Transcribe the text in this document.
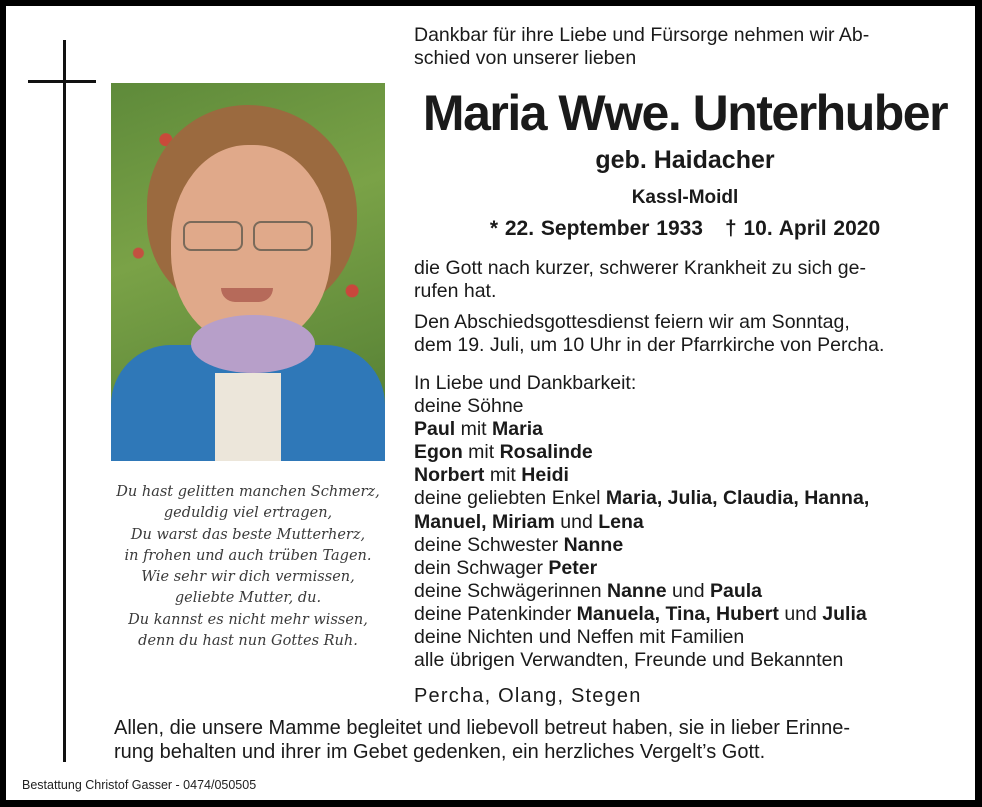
Du hast gelitten manchen Schmerz,
geduldig viel ertragen,
Du warst das beste Mutterherz,
in frohen und auch trüben Tagen.
Wie sehr wir dich vermissen,
geliebte Mutter, du.
Du kannst es nicht mehr wissen,
denn du hast nun Gottes Ruh.
Dankbar für ihre Liebe und Fürsorge nehmen wir Ab-
schied von unserer lieben
Maria Wwe. Unterhuber
geb. Haidacher
Kassl-Moidl
* 22. September 1933 † 10. April 2020
die Gott nach kurzer, schwerer Krankheit zu sich ge-
rufen hat.
Den Abschiedsgottesdienst feiern wir am Sonntag,
dem 19. Juli, um 10 Uhr in der Pfarrkirche von Percha.
In Liebe und Dankbarkeit:
deine Söhne
Paul mit Maria
Egon mit Rosalinde
Norbert mit Heidi
deine geliebten Enkel Maria, Julia, Claudia, Hanna,
Manuel, Miriam und Lena
deine Schwester Nanne
dein Schwager Peter
deine Schwägerinnen Nanne und Paula
deine Patenkinder Manuela, Tina, Hubert und Julia
deine Nichten und Neffen mit Familien
alle übrigen Verwandten, Freunde und Bekannten
Percha, Olang, Stegen
Allen, die unsere Mamme begleitet und liebevoll betreut haben, sie in lieber Erinne-
rung behalten und ihrer im Gebet gedenken, ein herzliches Vergelt’s Gott.
Bestattung Christof Gasser - 0474/050505
